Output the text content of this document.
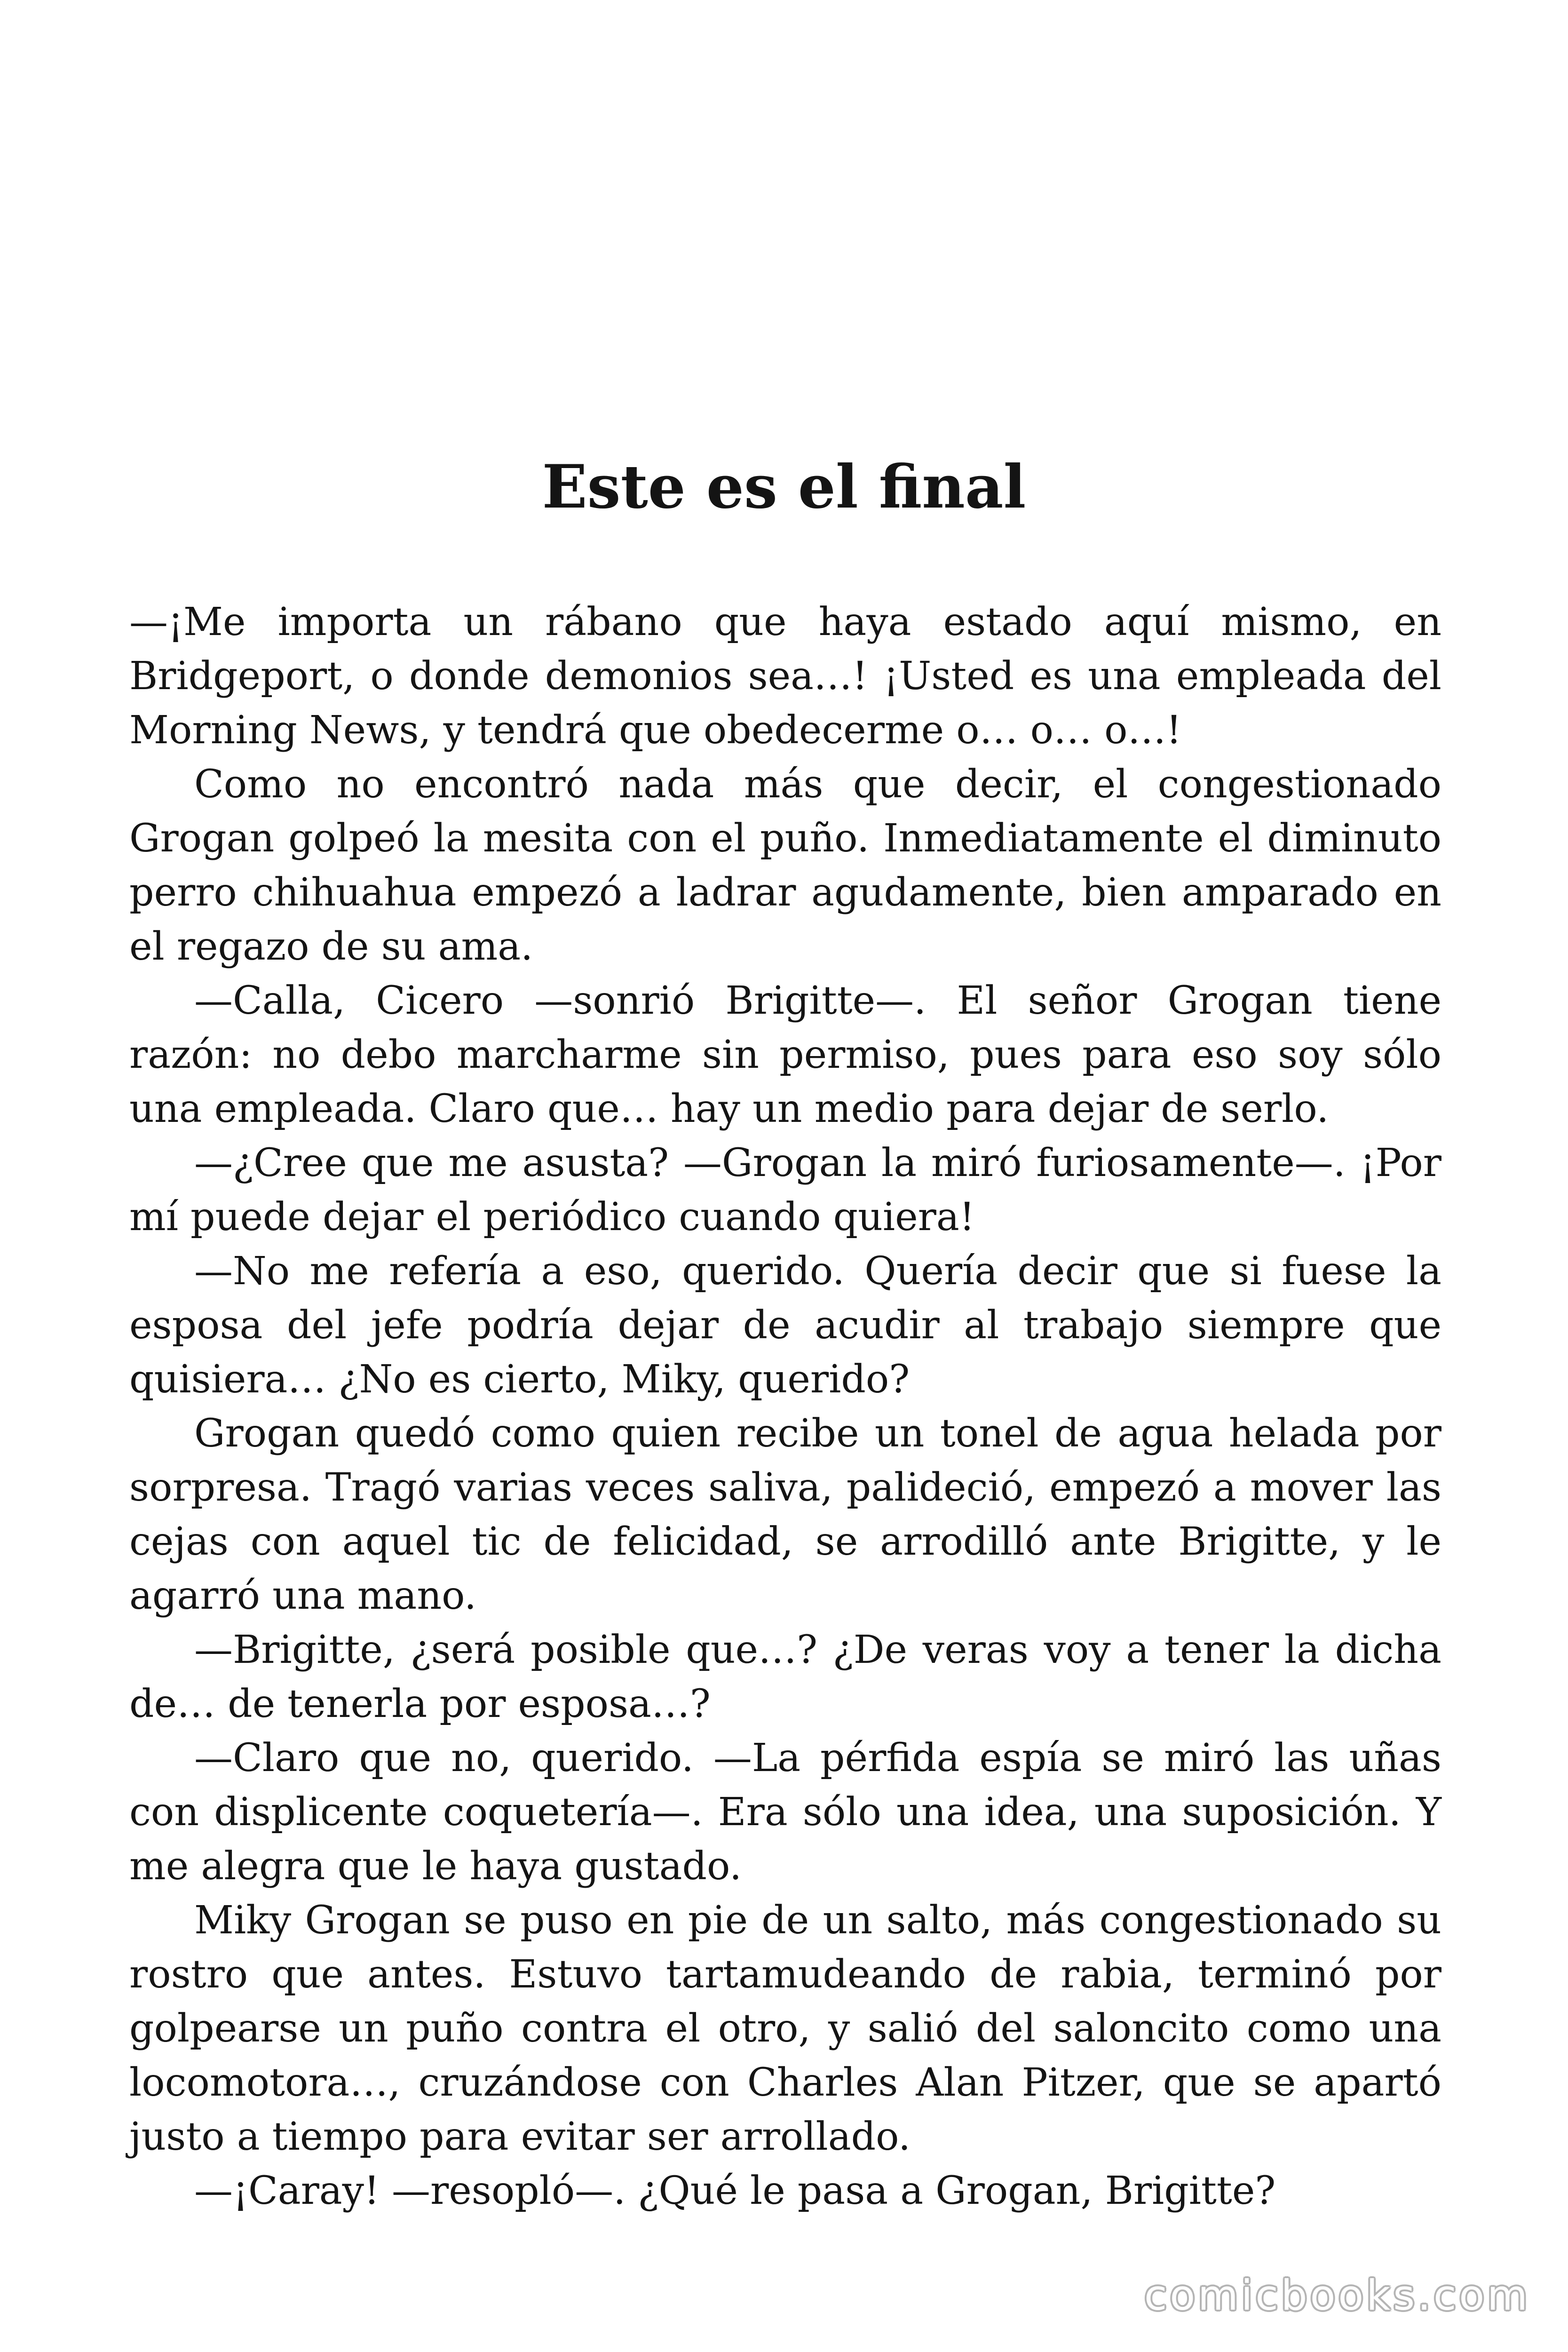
Este es el final

—¡Me importa un rábano que haya estado aquí mismo, en Bridgeport, o donde demonios sea…! ¡Usted es una empleada del Morning News, y tendrá que obedecerme o… o… o…!

Como no encontró nada más que decir, el congestionado Grogan golpeó la mesita con el puño. Inmediatamente el diminuto perro chihuahua empezó a ladrar agudamente, bien amparado en el regazo de su ama.

—Calla, Cicero —sonrió Brigitte—. El señor Grogan tiene razón: no debo marcharme sin permiso, pues para eso soy sólo una empleada. Claro que… hay un medio para dejar de serlo.

—¿Cree que me asusta? —Grogan la miró furiosamente—. ¡Por mí puede dejar el periódico cuando quiera!

—No me refería a eso, querido. Quería decir que si fuese la esposa del jefe podría dejar de acudir al trabajo siempre que quisiera… ¿No es cierto, Miky, querido?

Grogan quedó como quien recibe un tonel de agua helada por sorpresa. Tragó varias veces saliva, palideció, empezó a mover las cejas con aquel tic de felicidad, se arrodilló ante Brigitte, y le agarró una mano.

—Brigitte, ¿será posible que…? ¿De veras voy a tener la dicha de… de tenerla por esposa…?

—Claro que no, querido. —La pérfida espía se miró las uñas con displicente coquetería—. Era sólo una idea, una suposición. Y me alegra que le haya gustado.

Miky Grogan se puso en pie de un salto, más congestionado su rostro que antes. Estuvo tartamudeando de rabia, terminó por golpearse un puño contra el otro, y salió del saloncito como una locomotora…, cruzándose con Charles Alan Pitzer, que se apartó justo a tiempo para evitar ser arrollado.

—¡Caray! —resopló—. ¿Qué le pasa a Grogan, Brigitte?

comicbooks.com
